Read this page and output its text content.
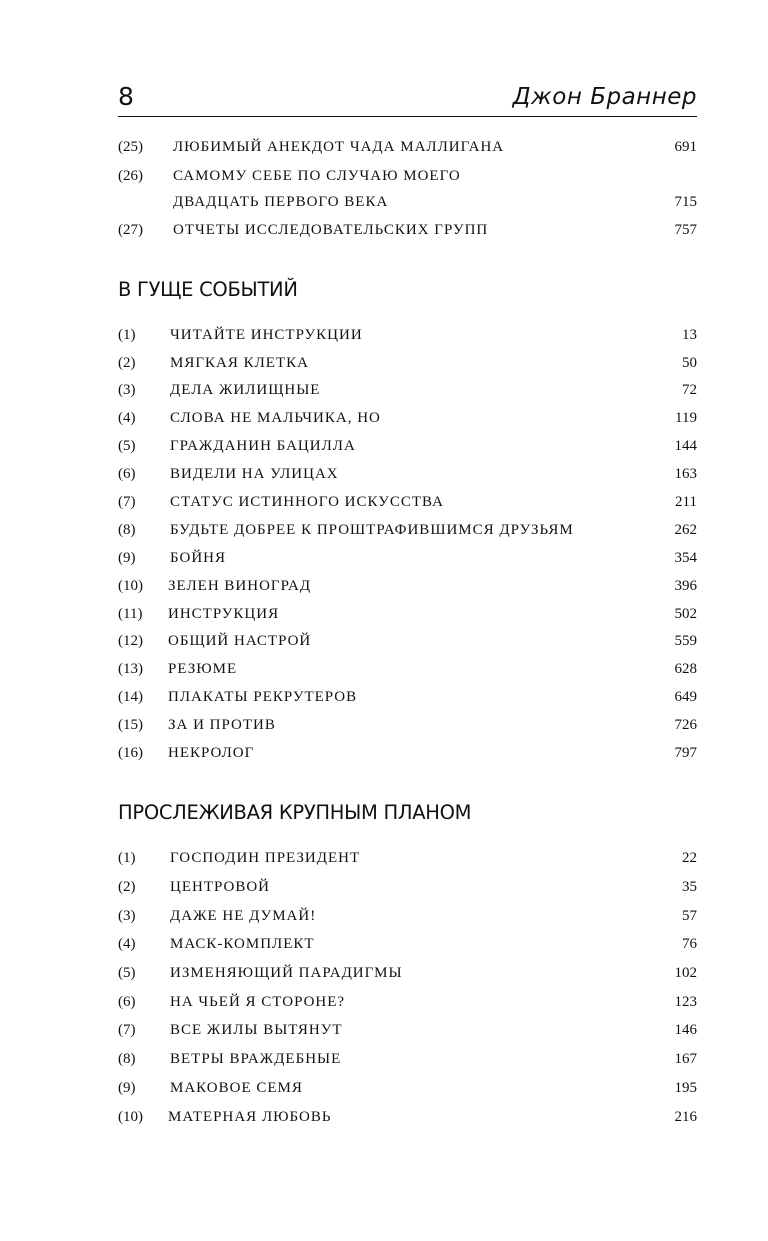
8	Джон Браннер
(25) ЛЮБИМЫЙ АНЕКДОТ ЧАДА МАЛЛИГАНА	691
(26) САМОМУ СЕБЕ ПО СЛУЧАЮ МОЕГО
ДВАДЦАТЬ ПЕРВОГО ВЕКА	715
(27) ОТЧЕТЫ ИССЛЕДОВАТЕЛЬСКИХ ГРУПП	757
В ГУЩЕ СОБЫТИЙ
(1) ЧИТАЙТЕ ИНСТРУКЦИИ	13
(2) МЯГКАЯ КЛЕТКА	50
(3) ДЕЛА ЖИЛИЩНЫЕ	72
(4) СЛОВА НЕ МАЛЬЧИКА, НО	119
(5) ГРАЖДАНИН БАЦИЛЛА	144
(6) ВИДЕЛИ НА УЛИЦАХ	163
(7) СТАТУС ИСТИННОГО ИСКУССТВА	211
(8) БУДЬТЕ ДОБРЕЕ К ПРОШТРАФИВШИМСЯ ДРУЗЬЯМ	262
(9) БОЙНЯ	354
(10) ЗЕЛЕН ВИНОГРАД	396
(11) ИНСТРУКЦИЯ	502
(12) ОБЩИЙ НАСТРОЙ	559
(13) РЕЗЮМЕ	628
(14) ПЛАКАТЫ РЕКРУТЕРОВ	649
(15) ЗА И ПРОТИВ	726
(16) НЕКРОЛОГ	797
ПРОСЛЕЖИВАЯ КРУПНЫМ ПЛАНОМ
(1) ГОСПОДИН ПРЕЗИДЕНТ	22
(2) ЦЕНТРОВОЙ	35
(3) ДАЖЕ НЕ ДУМАЙ!	57
(4) МАСК-КОМПЛЕКТ	76
(5) ИЗМЕНЯЮЩИЙ ПАРАДИГМЫ	102
(6) НА ЧЬЕЙ Я СТОРОНЕ?	123
(7) ВСЕ ЖИЛЫ ВЫТЯНУТ	146
(8) ВЕТРЫ ВРАЖДЕБНЫЕ	167
(9) МАКОВОЕ СЕМЯ	195
(10) МАТЕРНАЯ ЛЮБОВЬ	216
